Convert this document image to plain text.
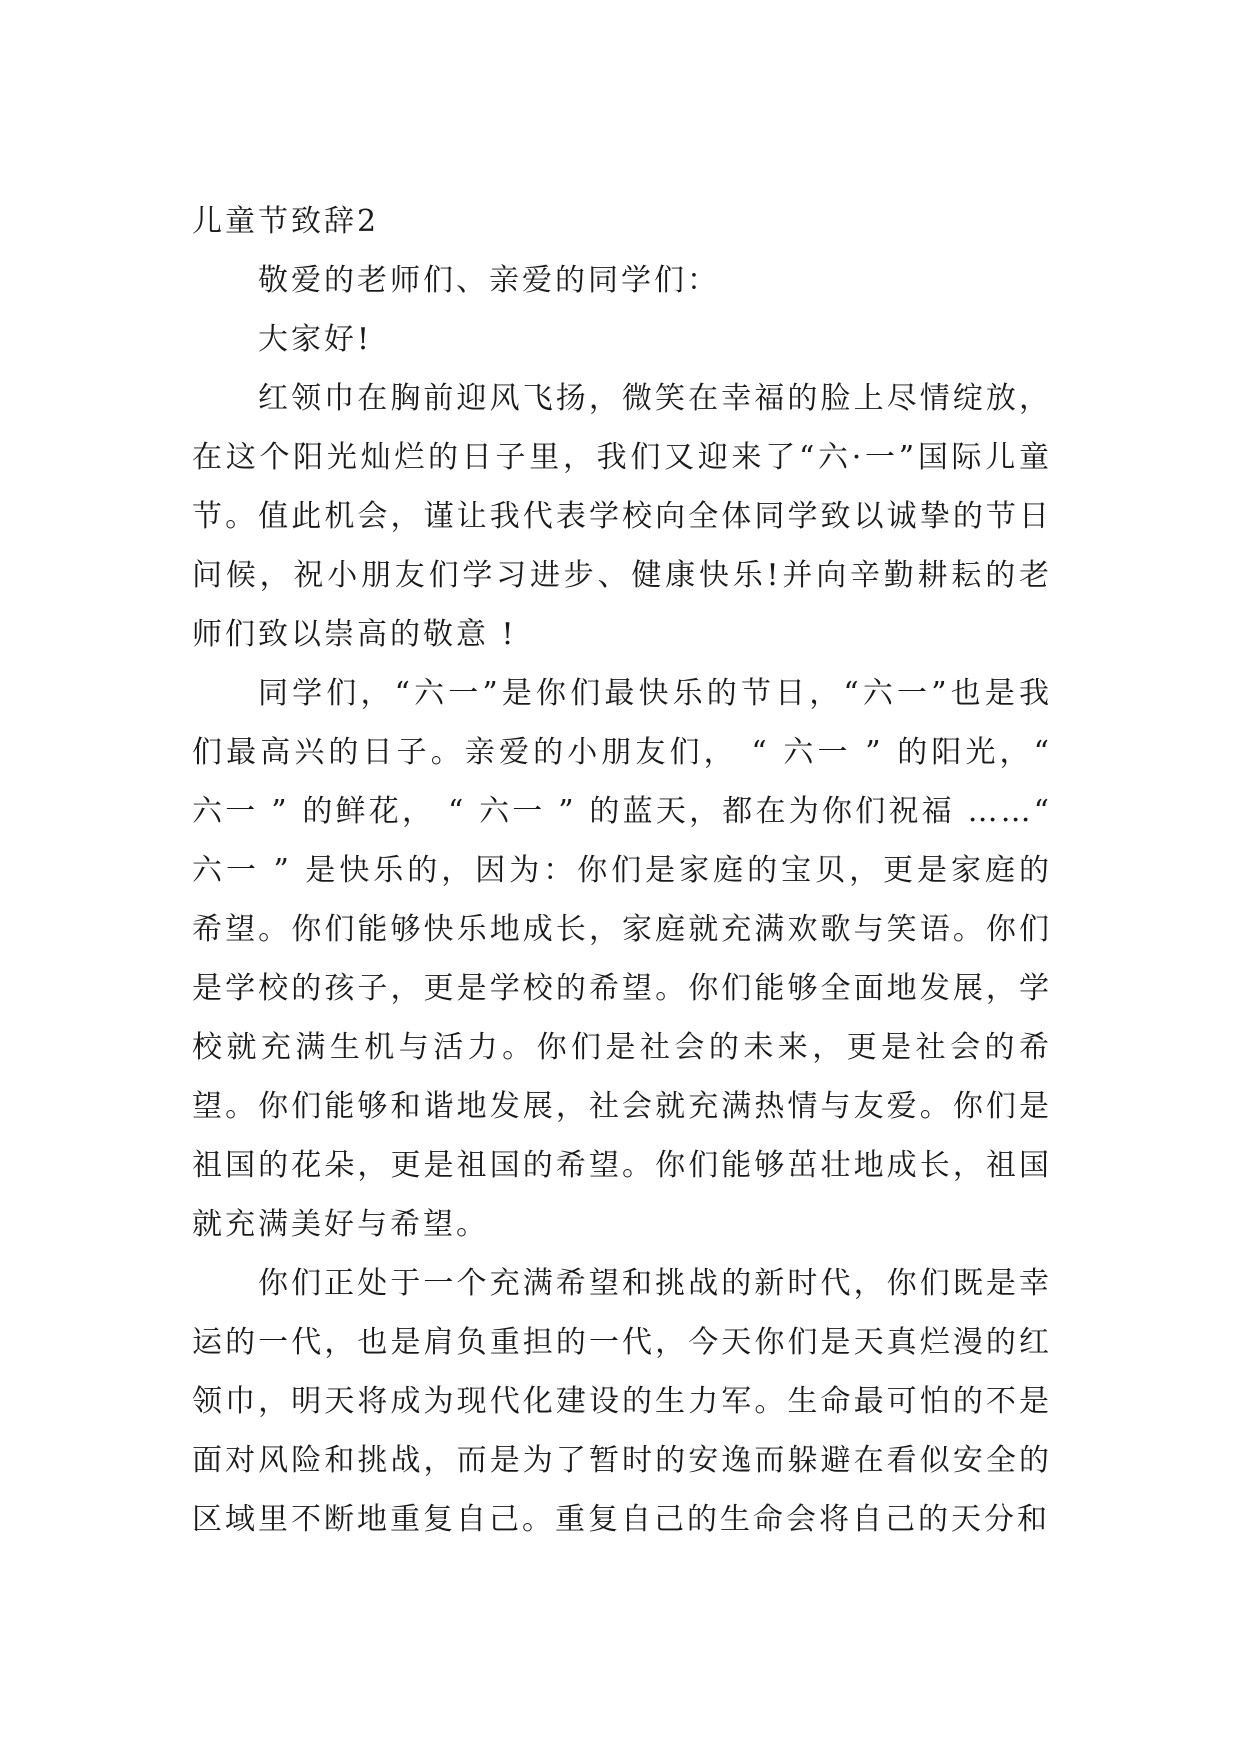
儿童节致辞2

敬爱的老师们、亲爱的同学们：

大家好!

红领巾在胸前迎风飞扬，微笑在幸福的脸上尽情绽放，在这个阳光灿烂的日子里，我们又迎来了“六·一”国际儿童节。值此机会，谨让我代表学校向全体同学致以诚挚的节日问候，祝小朋友们学习进步、健康快乐!并向辛勤耕耘的老师们致以崇高的敬意 !

同学们，“六一”是你们最快乐的节日，“六一”也是我们最高兴的日子。亲爱的小朋友们， “ 六一 ” 的阳光，“ 六一 ” 的鲜花， “ 六一 ” 的蓝天，都在为你们祝福 ……“ 六一 ” 是快乐的，因为：你们是家庭的宝贝，更是家庭的希望。你们能够快乐地成长，家庭就充满欢歌与笑语。你们是学校的孩子，更是学校的希望。你们能够全面地发展，学校就充满生机与活力。你们是社会的未来，更是社会的希望。你们能够和谐地发展，社会就充满热情与友爱。你们是祖国的花朵，更是祖国的希望。你们能够茁壮地成长，祖国就充满美好与希望。

你们正处于一个充满希望和挑战的新时代，你们既是幸运的一代，也是肩负重担的一代，今天你们是天真烂漫的红领巾，明天将成为现代化建设的生力军。生命最可怕的不是面对风险和挑战，而是为了暂时的安逸而躲避在看似安全的区域里不断地重复自己。重复自己的生命会将自己的天分和
